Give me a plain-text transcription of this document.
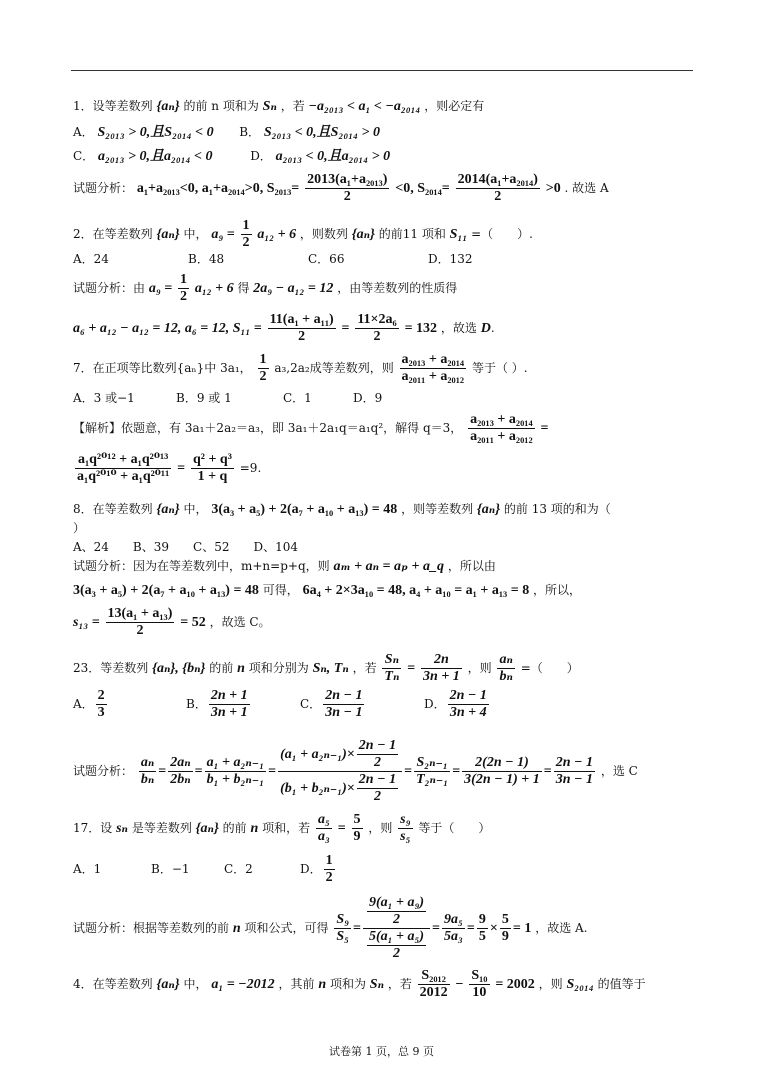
1．设等差数列 {aₙ} 的前 n 项和为 Sₙ ，若 −a₂₀₁₃ < a₁ < −a₂₀₁₄ ，则必定有
A． S₂₀₁₃ > 0,且S₂₀₁₄ < 0 B． S₂₀₁₃ < 0,且S₂₀₁₄ > 0
C． a₂₀₁₃ > 0,且a₂₀₁₄ < 0	D． a₂₀₁₃ < 0,且a₂₀₁₄ > 0
试题分析： a₁+a₂₀₁₃<0, a₁+a₂₀₁₄>0, $S_{2013}= \frac{\text{2013(a₁+a₂₀₁₃)}}{2} <0$, $S_{2014}= \frac{\text{2014(a₁+a₂₀₁₄)}}{2} >0$ . 故选 A
2．在等差数列 {aₙ} 中， $a_9 = \frac{1}{2} a_{12} + 6$ ，则数列 {aₙ} 的前11 项和 S₁₁ =（　　）.
A．24	B．48	C．66	D．132
试题分析：由 $a_9 = \frac{1}{2} a_{12} + 6$ 得 2a₉ − a₁₂ = 12 ，由等差数列的性质得
a₆ + a₁₂ − a₁₂ = 12, a₆ = 12, $S_{11} = \frac{\text{11(a₁ + a₁₁)}}{2} = \frac{\text{11×2a₆}}{2} = 132$ ，故选 D.
7．在正项等比数列{aₙ}中 3a₁， $\frac{1}{2} a_3,2a_2$成等差数列，则 $\frac{\text{a₂₀₁₃ + a₂₀₁₄}}{\text{a₂₀₁₁ + a₂₀₁₂}}$ 等于（ ）.
A．3 或−1	B．9 或 1	C．1	D．9
【解析】依题意，有 3a₁＋2a₂＝a₃，即 3a₁＋2a₁q＝a₁q²，解得 q＝3， $\frac{\text{a₂₀₁₃ + a₂₀₁₄}}{\text{a₂₀₁₁ + a₂₀₁₂}}$ =
$\frac{\text{a₁q²⁰¹² + a₁q²⁰¹³}}{\text{a₁q²⁰¹⁰ + a₁q²⁰¹¹}} = \frac{\text{q² + q³}}{1 + q} =9$.
8．在等差数列 {aₙ} 中， 3(a₃ + a₅) + 2(a₇ + a₁₀ + a₁₃) = 48 ，则等差数列 {aₙ} 的前 13 项的和为（
）
A、24　　B、39　　C、52　　D、104
试题分析：因为在等差数列中，m+n=p+q，则 aₘ + aₙ = aₚ + a_q ，所以由
3(a₃ + a₅) + 2(a₇ + a₁₀ + a₁₃) = 48 可得， 6a₄ + 2×3a₁₀ = 48, a₄ + a₁₀ = a₁ + a₁₃ = 8 ，所以，
$s_{13} = \frac{\text{13(a₁ + a₁₃)}}{2} = 52$ ，故选 C。
23．等差数列 {aₙ}, {bₙ} 的前 n 项和分别为 Sₙ, Tₙ ，若 $\frac{\text{Sₙ}}{\text{Tₙ}} = \frac{2n}{3n + 1}$ ，则 $\frac{\text{aₙ}}{\text{bₙ}}$ =（　　）
A． $\frac{2}{3}$	B． $\frac{2n + 1}{3n + 1}$	C． $\frac{2n - 1}{3n - 1}$	D． $\frac{2n - 1}{3n + 4}$
试题分析： $\frac{\text{aₙ}}{\text{bₙ}} = \frac{\text{2aₙ}}{\text{2bₙ}} = \frac{\text{a₁ + a₂ₙ₋₁}}{\text{b₁ + b₂ₙ₋₁}} = \frac{(a_1 + a_{2n-1})\times \frac{2n - 1}{2}}{(b_1 + b_{2n-1})\times \frac{2n - 1}{2}} = \frac{\text{S₂ₙ₋₁}}{\text{T₂ₙ₋₁}} = \frac{2(2n - 1)}{3(2n - 1) + 1} = \frac{2n - 1}{3n - 1}$ ，选 C
17．设 sₙ 是等差数列 {aₙ} 的前 n 项和，若 $\frac{\text{a₅}}{\text{a₃}} = \frac{5}{9}$ ，则 $\frac{\text{s₉}}{\text{s₅}}$ 等于（　　）
A．1	B．−1	C．2	D． $\frac{1}{2}$
试题分析：根据等差数列的前 n 项和公式，可得 $\frac{\text{S₉}}{\text{S₅}} = \frac{\frac{\text{9(a₁ + a₉)}}{2}}{\frac{\text{5(a₁ + a₅)}}{2}} = \frac{\text{9a₅}}{\text{5a₃}} = \frac{9}{5} \times \frac{5}{9} = 1$ ，故选 A.
4．在等差数列 {aₙ} 中， a₁ = −2012 ，其前 n 项和为 Sₙ ，若 $\frac{\text{S₂₀₁₂}}{2012} - \frac{\text{S₁₀}}{10} = 2002$ ，则 S₂₀₁₄ 的值等于
试卷第 1 页，总 9 页
